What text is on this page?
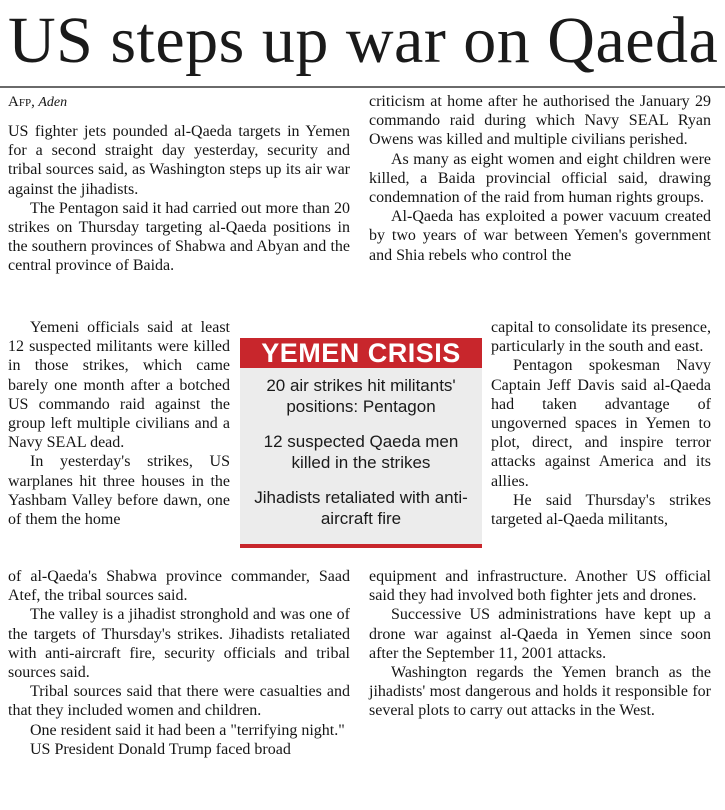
US steps up war on Qaeda
Afp, Aden

US fighter jets pounded al-Qaeda targets in Yemen for a second straight day yesterday, security and tribal sources said, as Washington steps up its air war against the jihadists.

The Pentagon said it had carried out more than 20 strikes on Thursday targeting al-Qaeda positions in the southern provinces of Shabwa and Abyan and the central province of Baida.

criticism at home after he authorised the January 29 commando raid during which Navy SEAL Ryan Owens was killed and multiple civilians perished.

As many as eight women and eight children were killed, a Baida provincial official said, drawing condemnation of the raid from human rights groups.

Al-Qaeda has exploited a power vacuum created by two years of war between Yemen's government and Shia rebels who control the

Yemeni officials said at least 12 suspected militants were killed in those strikes, which came barely one month after a botched US commando raid against the group left multiple civilians and a Navy SEAL dead.

In yesterday's strikes, US warplanes hit three houses in the Yashbam Valley before dawn, one of them the home

capital to consolidate its presence, particularly in the south and east.

Pentagon spokesman Navy Captain Jeff Davis said al-Qaeda had taken advantage of ungoverned spaces in Yemen to plot, direct, and inspire terror attacks against America and its allies.

He said Thursday's strikes targeted al-Qaeda militants,

YEMEN CRISIS

20 air strikes hit militants' positions: Pentagon

12 suspected Qaeda men killed in the strikes

Jihadists retaliated with anti-aircraft fire

of al-Qaeda's Shabwa province commander, Saad Atef, the tribal sources said.

The valley is a jihadist stronghold and was one of the targets of Thursday's strikes. Jihadists retaliated with anti-aircraft fire, security officials and tribal sources said.

Tribal sources said that there were casualties and that they included women and children.

One resident said it had been a "terrifying night."

US President Donald Trump faced broad

equipment and infrastructure. Another US official said they had involved both fighter jets and drones.

Successive US administrations have kept up a drone war against al-Qaeda in Yemen since soon after the September 11, 2001 attacks.

Washington regards the Yemen branch as the jihadists' most dangerous and holds it responsible for several plots to carry out attacks in the West.
